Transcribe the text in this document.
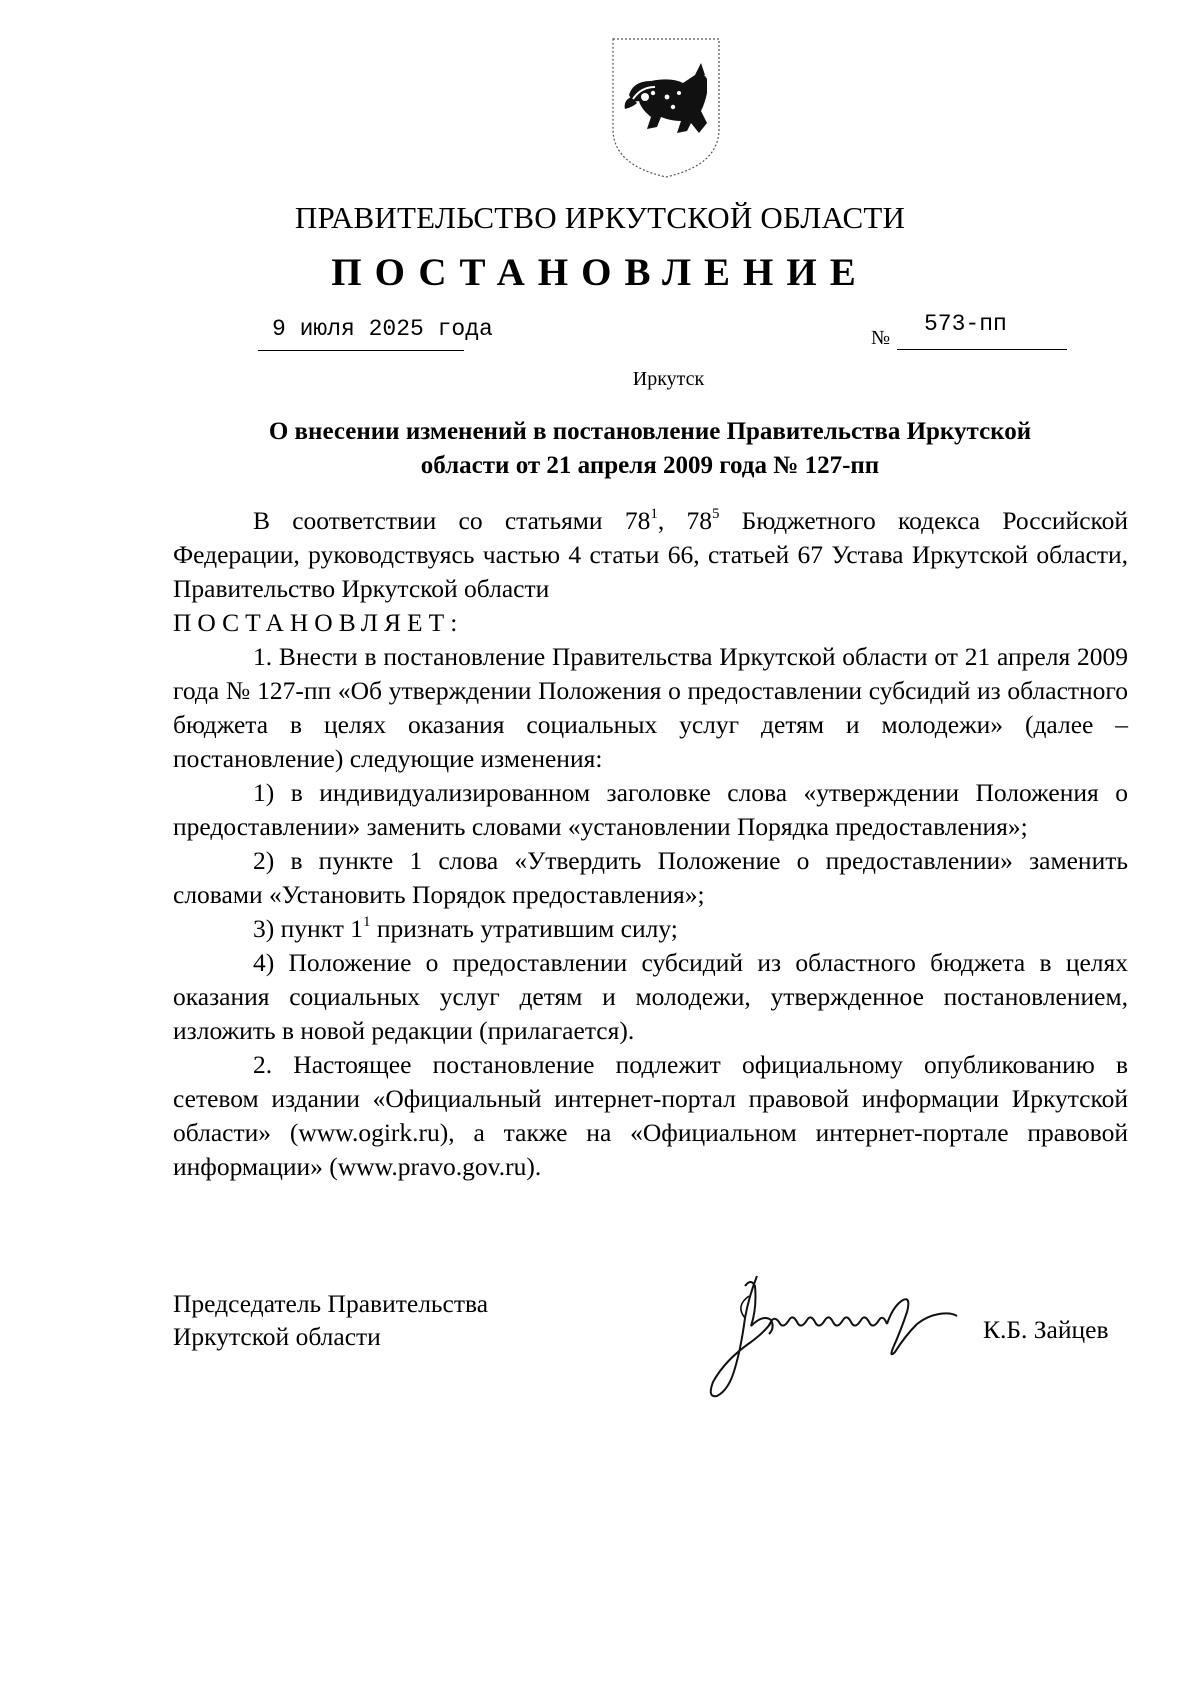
ПРАВИТЕЛЬСТВО ИРКУТСКОЙ ОБЛАСТИ
ПОСТАНОВЛЕНИЕ
9 июля 2025 года	№
573-пп
Иркутск
О внесении изменений в постановление Правительства Иркутской
области от 21 апреля 2009 года № 127-пп

В соответствии со статьями $78^1$, $78^5$ Бюджетного кодекса Российской Федерации, руководствуясь частью 4 статьи 66, статьей 67 Устава Иркутской области, Правительство Иркутской области

ПОСТАНОВЛЯЕТ:

1. Внести в постановление Правительства Иркутской области от 21 апреля 2009 года № 127-пп «Об утверждении Положения о предоставлении субсидий из областного бюджета в целях оказания социальных услуг детям и молодежи» (далее – постановление) следующие изменения:

1) в индивидуализированном заголовке слова «утверждении Положения о предоставлении» заменить словами «установлении Порядка предоставления»;

2) в пункте 1 слова «Утвердить Положение о предоставлении» заменить словами «Установить Порядок предоставления»;

3) пункт $1^1$ признать утратившим силу;

4) Положение о предоставлении субсидий из областного бюджета в целях оказания социальных услуг детям и молодежи, утвержденное постановлением, изложить в новой редакции (прилагается).

2. Настоящее постановление подлежит официальному опубликованию в сетевом издании «Официальный интернет-портал правовой информации Иркутской области» (www.ogirk.ru), а также на «Официальном интернет-портале правовой информации» (www.pravo.gov.ru).

Председатель Правительства
Иркутской области	К.Б. Зайцев
